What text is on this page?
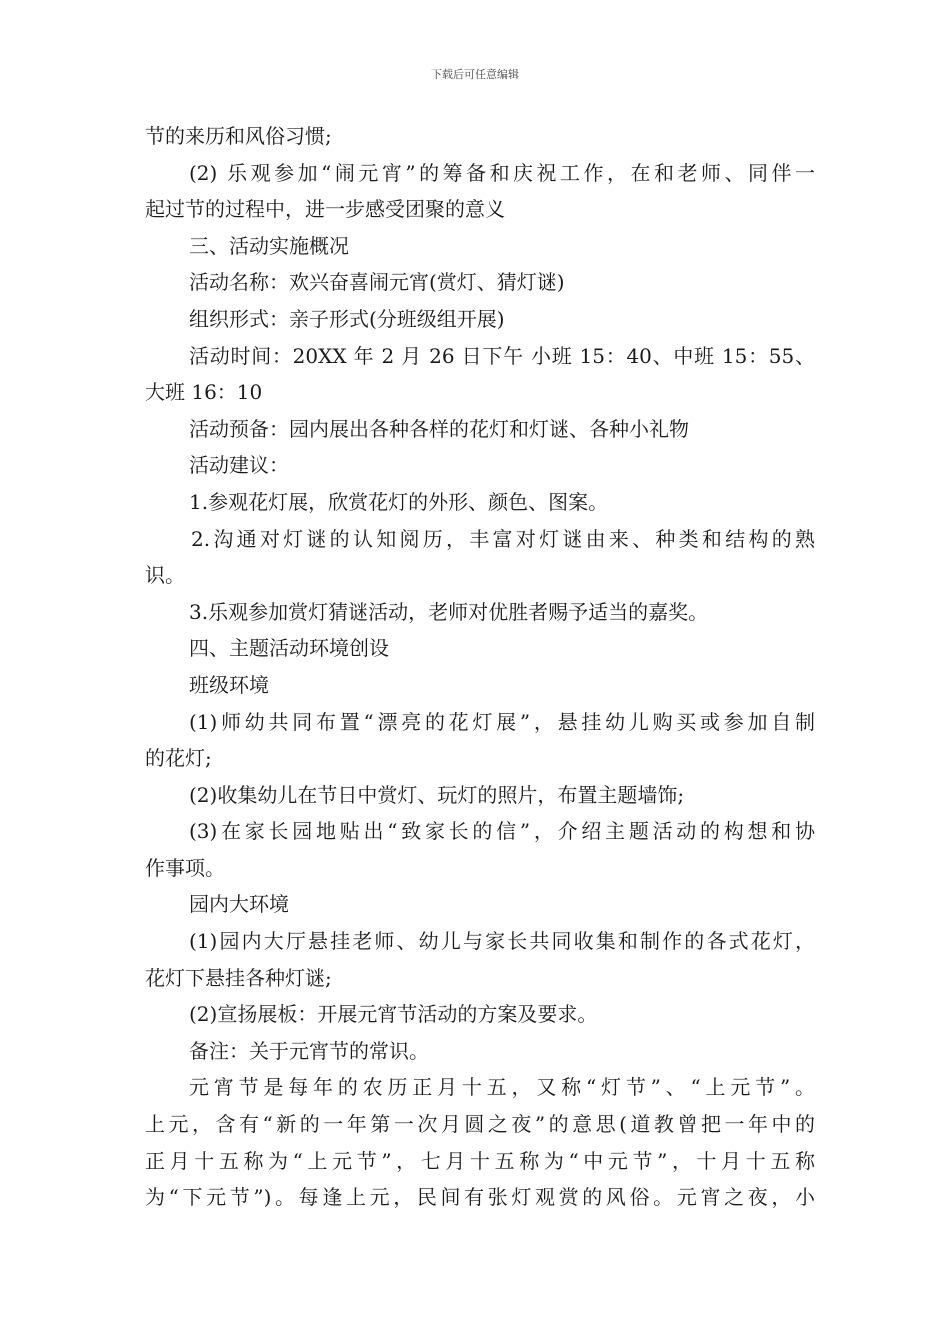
下载后可任意编辑
节的来历和风俗习惯;
(2) 乐观参加“闹元宵”的筹备和庆祝工作，在和老师、同伴一
起过节的过程中，进一步感受团聚的意义
三、活动实施概况
活动名称：欢兴奋喜闹元宵(赏灯、猜灯谜)
组织形式：亲子形式(分班级组开展)
活动时间：20XX 年 2 月 26 日下午 小班 15：40、中班 15：55、
大班 16：10
活动预备：园内展出各种各样的花灯和灯谜、各种小礼物
活动建议：
1.参观花灯展，欣赏花灯的外形、颜色、图案。
2.沟通对灯谜的认知阅历，丰富对灯谜由来、种类和结构的熟
识。
3.乐观参加赏灯猜谜活动，老师对优胜者赐予适当的嘉奖。
四、主题活动环境创设
班级环境
(1)师幼共同布置“漂亮的花灯展”，悬挂幼儿购买或参加自制
的花灯;
(2)收集幼儿在节日中赏灯、玩灯的照片，布置主题墙饰;
(3)在家长园地贴出“致家长的信”，介绍主题活动的构想和协
作事项。
园内大环境
(1)园内大厅悬挂老师、幼儿与家长共同收集和制作的各式花灯，
花灯下悬挂各种灯谜;
(2)宣扬展板：开展元宵节活动的方案及要求。
备注：关于元宵节的常识。
元宵节是每年的农历正月十五，又称“灯节”、“上元节”。
上元，含有“新的一年第一次月圆之夜”的意思(道教曾把一年中的
正月十五称为“上元节”，七月十五称为“中元节”，十月十五称
为“下元节”)。每逢上元，民间有张灯观赏的风俗。元宵之夜，小
